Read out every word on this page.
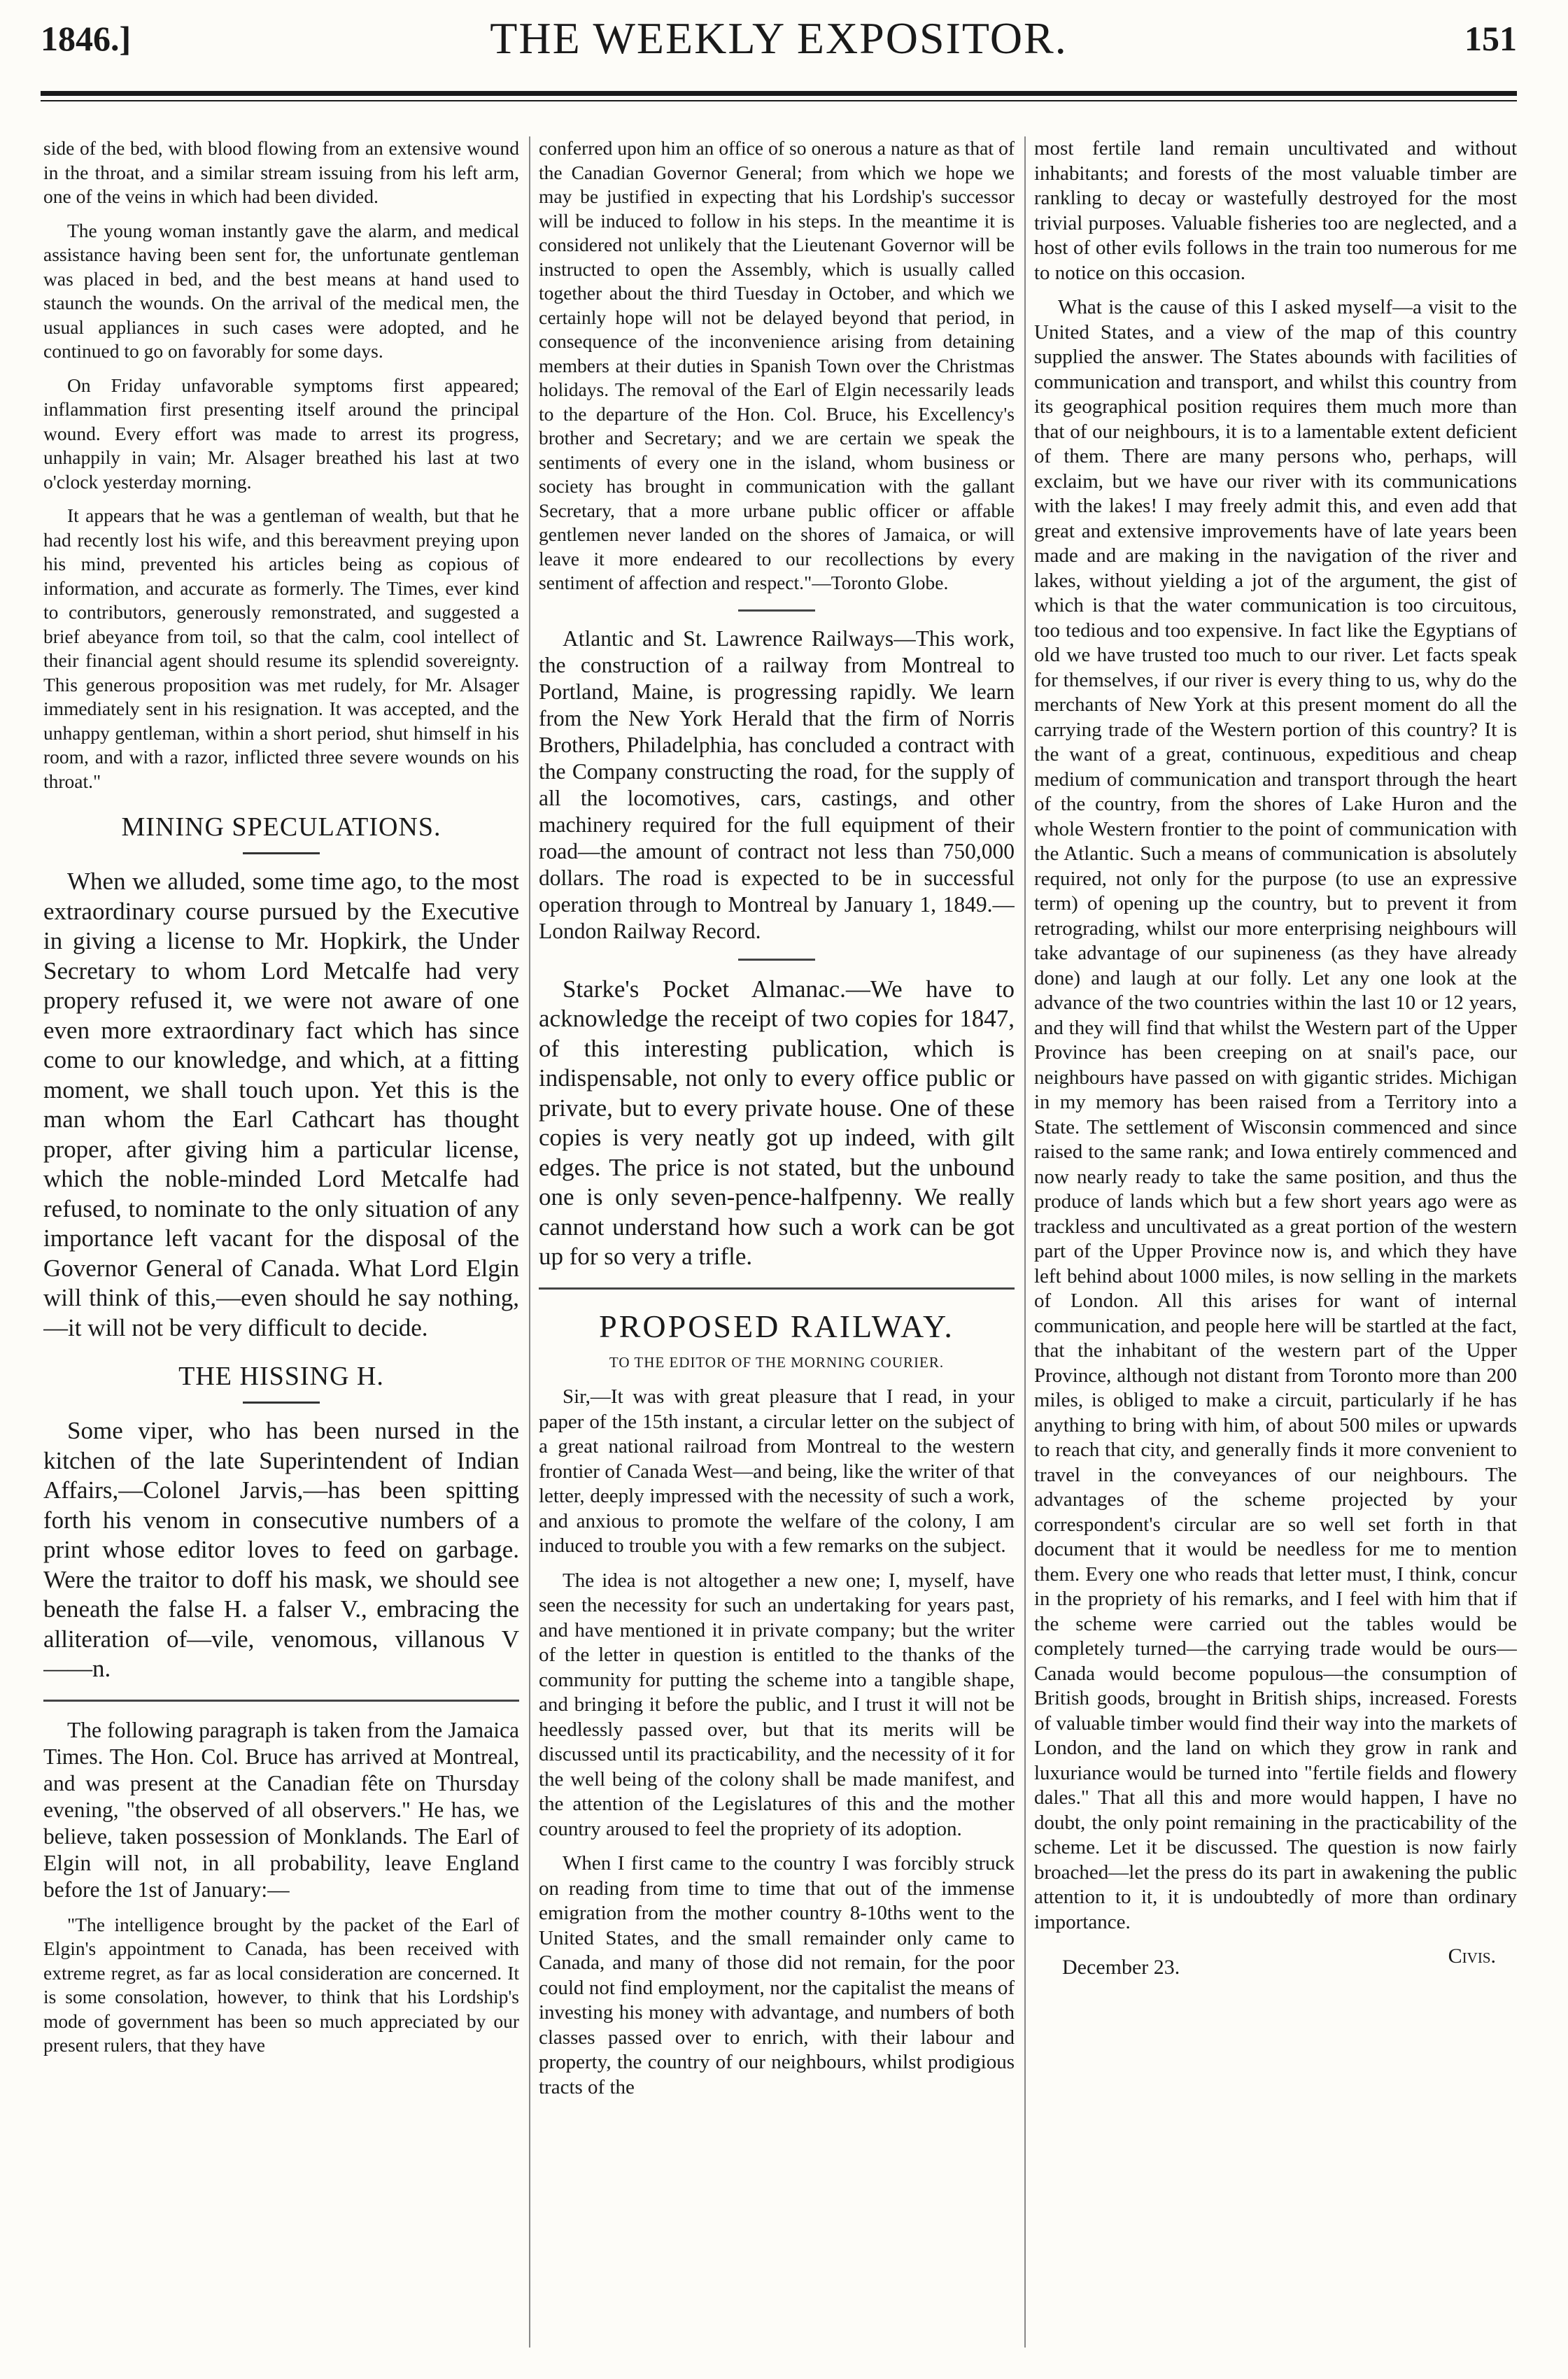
1846.]	THE WEEKLY EXPOSITOR.	151

side of the bed, with blood flowing from an extensive wound in the throat, and a similar stream issuing from his left arm, one of the veins in which had been divided.

The young woman instantly gave the alarm, and medical assistance having been sent for, the unfortunate gentleman was placed in bed, and the best means at hand used to staunch the wounds. On the arrival of the medical men, the usual appliances in such cases were adopted, and he continued to go on favorably for some days.

On Friday unfavorable symptoms first appeared; inflammation first presenting itself around the principal wound. Every effort was made to arrest its progress, unhappily in vain; Mr. Alsager breathed his last at two o'clock yesterday morning.

It appears that he was a gentleman of wealth, but that he had recently lost his wife, and this bereavment preying upon his mind, prevented his articles being as copious of information, and accurate as formerly. The Times, ever kind to contributors, generously remonstrated, and suggested a brief abeyance from toil, so that the calm, cool intellect of their financial agent should resume its splendid sovereignty. This generous proposition was met rudely, for Mr. Alsager immediately sent in his resignation. It was accepted, and the unhappy gentleman, within a short period, shut himself in his room, and with a razor, inflicted three severe wounds on his throat."

MINING SPECULATIONS.

When we alluded, some time ago, to the most extraordinary course pursued by the Executive in giving a license to Mr. Hopkirk, the Under Secretary to whom Lord Metcalfe had very propery refused it, we were not aware of one even more extraordinary fact which has since come to our knowledge, and which, at a fitting moment, we shall touch upon. Yet this is the man whom the Earl Cathcart has thought proper, after giving him a particular license, which the noble-minded Lord Metcalfe had refused, to nominate to the only situation of any importance left vacant for the disposal of the Governor General of Canada. What Lord Elgin will think of this,—even should he say nothing,—it will not be very difficult to decide.

THE HISSING H.

Some viper, who has been nursed in the kitchen of the late Superintendent of Indian Affairs,—Colonel Jarvis,—has been spitting forth his venom in consecutive numbers of a print whose editor loves to feed on garbage. Were the traitor to doff his mask, we should see beneath the false H. a falser V., embracing the alliteration of—vile, venomous, villanous V——n.

The following paragraph is taken from the Jamaica Times. The Hon. Col. Bruce has arrived at Montreal, and was present at the Canadian fête on Thursday evening, "the observed of all observers." He has, we believe, taken possession of Monklands. The Earl of Elgin will not, in all probability, leave England before the 1st of January:—

"The intelligence brought by the packet of the Earl of Elgin's appointment to Canada, has been received with extreme regret, as far as local consideration are concerned. It is some consolation, however, to think that his Lordship's mode of government has been so much appreciated by our present rulers, that they have

conferred upon him an office of so onerous a nature as that of the Canadian Governor General; from which we hope we may be justified in expecting that his Lordship's successor will be induced to follow in his steps. In the meantime it is considered not unlikely that the Lieutenant Governor will be instructed to open the Assembly, which is usually called together about the third Tuesday in October, and which we certainly hope will not be delayed beyond that period, in consequence of the inconvenience arising from detaining members at their duties in Spanish Town over the Christmas holidays. The removal of the Earl of Elgin necessarily leads to the departure of the Hon. Col. Bruce, his Excellency's brother and Secretary; and we are certain we speak the sentiments of every one in the island, whom business or society has brought in communication with the gallant Secretary, that a more urbane public officer or affable gentlemen never landed on the shores of Jamaica, or will leave it more endeared to our recollections by every sentiment of affection and respect."—Toronto Globe.

Atlantic and St. Lawrence Railways—This work, the construction of a railway from Montreal to Portland, Maine, is progressing rapidly. We learn from the New York Herald that the firm of Norris Brothers, Philadelphia, has concluded a contract with the Company constructing the road, for the supply of all the locomotives, cars, castings, and other machinery required for the full equipment of their road—the amount of contract not less than 750,000 dollars. The road is expected to be in successful operation through to Montreal by January 1, 1849.—London Railway Record.

Starke's Pocket Almanac.—We have to acknowledge the receipt of two copies for 1847, of this interesting publication, which is indispensable, not only to every office public or private, but to every private house. One of these copies is very neatly got up indeed, with gilt edges. The price is not stated, but the unbound one is only seven-pence-halfpenny. We really cannot understand how such a work can be got up for so very a trifle.

PROPOSED RAILWAY.

TO THE EDITOR OF THE MORNING COURIER.

Sir,—It was with great pleasure that I read, in your paper of the 15th instant, a circular letter on the subject of a great national railroad from Montreal to the western frontier of Canada West—and being, like the writer of that letter, deeply impressed with the necessity of such a work, and anxious to promote the welfare of the colony, I am induced to trouble you with a few remarks on the subject.

The idea is not altogether a new one; I, myself, have seen the necessity for such an undertaking for years past, and have mentioned it in private company; but the writer of the letter in question is entitled to the thanks of the community for putting the scheme into a tangible shape, and bringing it before the public, and I trust it will not be heedlessly passed over, but that its merits will be discussed until its practicability, and the necessity of it for the well being of the colony shall be made manifest, and the attention of the Legislatures of this and the mother country aroused to feel the propriety of its adoption.

When I first came to the country I was forcibly struck on reading from time to time that out of the immense emigration from the mother country 8-10ths went to the United States, and the small remainder only came to Canada, and many of those did not remain, for the poor could not find employment, nor the capitalist the means of investing his money with advantage, and numbers of both classes passed over to enrich, with their labour and property, the country of our neighbours, whilst prodigious tracts of the

most fertile land remain uncultivated and without inhabitants; and forests of the most valuable timber are rankling to decay or wastefully destroyed for the most trivial purposes. Valuable fisheries too are neglected, and a host of other evils follows in the train too numerous for me to notice on this occasion.

What is the cause of this I asked myself—a visit to the United States, and a view of the map of this country supplied the answer. The States abounds with facilities of communication and transport, and whilst this country from its geographical position requires them much more than that of our neighbours, it is to a lamentable extent deficient of them. There are many persons who, perhaps, will exclaim, but we have our river with its communications with the lakes! I may freely admit this, and even add that great and extensive improvements have of late years been made and are making in the navigation of the river and lakes, without yielding a jot of the argument, the gist of which is that the water communication is too circuitous, too tedious and too expensive. In fact like the Egyptians of old we have trusted too much to our river. Let facts speak for themselves, if our river is every thing to us, why do the merchants of New York at this present moment do all the carrying trade of the Western portion of this country? It is the want of a great, continuous, expeditious and cheap medium of communication and transport through the heart of the country, from the shores of Lake Huron and the whole Western frontier to the point of communication with the Atlantic. Such a means of communication is absolutely required, not only for the purpose (to use an expressive term) of opening up the country, but to prevent it from retrograding, whilst our more enterprising neighbours will take advantage of our supineness (as they have already done) and laugh at our folly. Let any one look at the advance of the two countries within the last 10 or 12 years, and they will find that whilst the Western part of the Upper Province has been creeping on at snail's pace, our neighbours have passed on with gigantic strides. Michigan in my memory has been raised from a Territory into a State. The settlement of Wisconsin commenced and since raised to the same rank; and Iowa entirely commenced and now nearly ready to take the same position, and thus the produce of lands which but a few short years ago were as trackless and uncultivated as a great portion of the western part of the Upper Province now is, and which they have left behind about 1000 miles, is now selling in the markets of London. All this arises for want of internal communication, and people here will be startled at the fact, that the inhabitant of the western part of the Upper Province, although not distant from Toronto more than 200 miles, is obliged to make a circuit, particularly if he has anything to bring with him, of about 500 miles or upwards to reach that city, and generally finds it more convenient to travel in the conveyances of our neighbours. The advantages of the scheme projected by your correspondent's circular are so well set forth in that document that it would be needless for me to mention them. Every one who reads that letter must, I think, concur in the propriety of his remarks, and I feel with him that if the scheme were carried out the tables would be completely turned—the carrying trade would be ours—Canada would become populous—the consumption of British goods, brought in British ships, increased. Forests of valuable timber would find their way into the markets of London, and the land on which they grow in rank and luxuriance would be turned into "fertile fields and flowery dales." That all this and more would happen, I have no doubt, the only point remaining in the practicability of the scheme. Let it be discussed. The question is now fairly broached—let the press do its part in awakening the public attention to it, it is undoubtedly of more than ordinary importance.

December 23.	Civis.
